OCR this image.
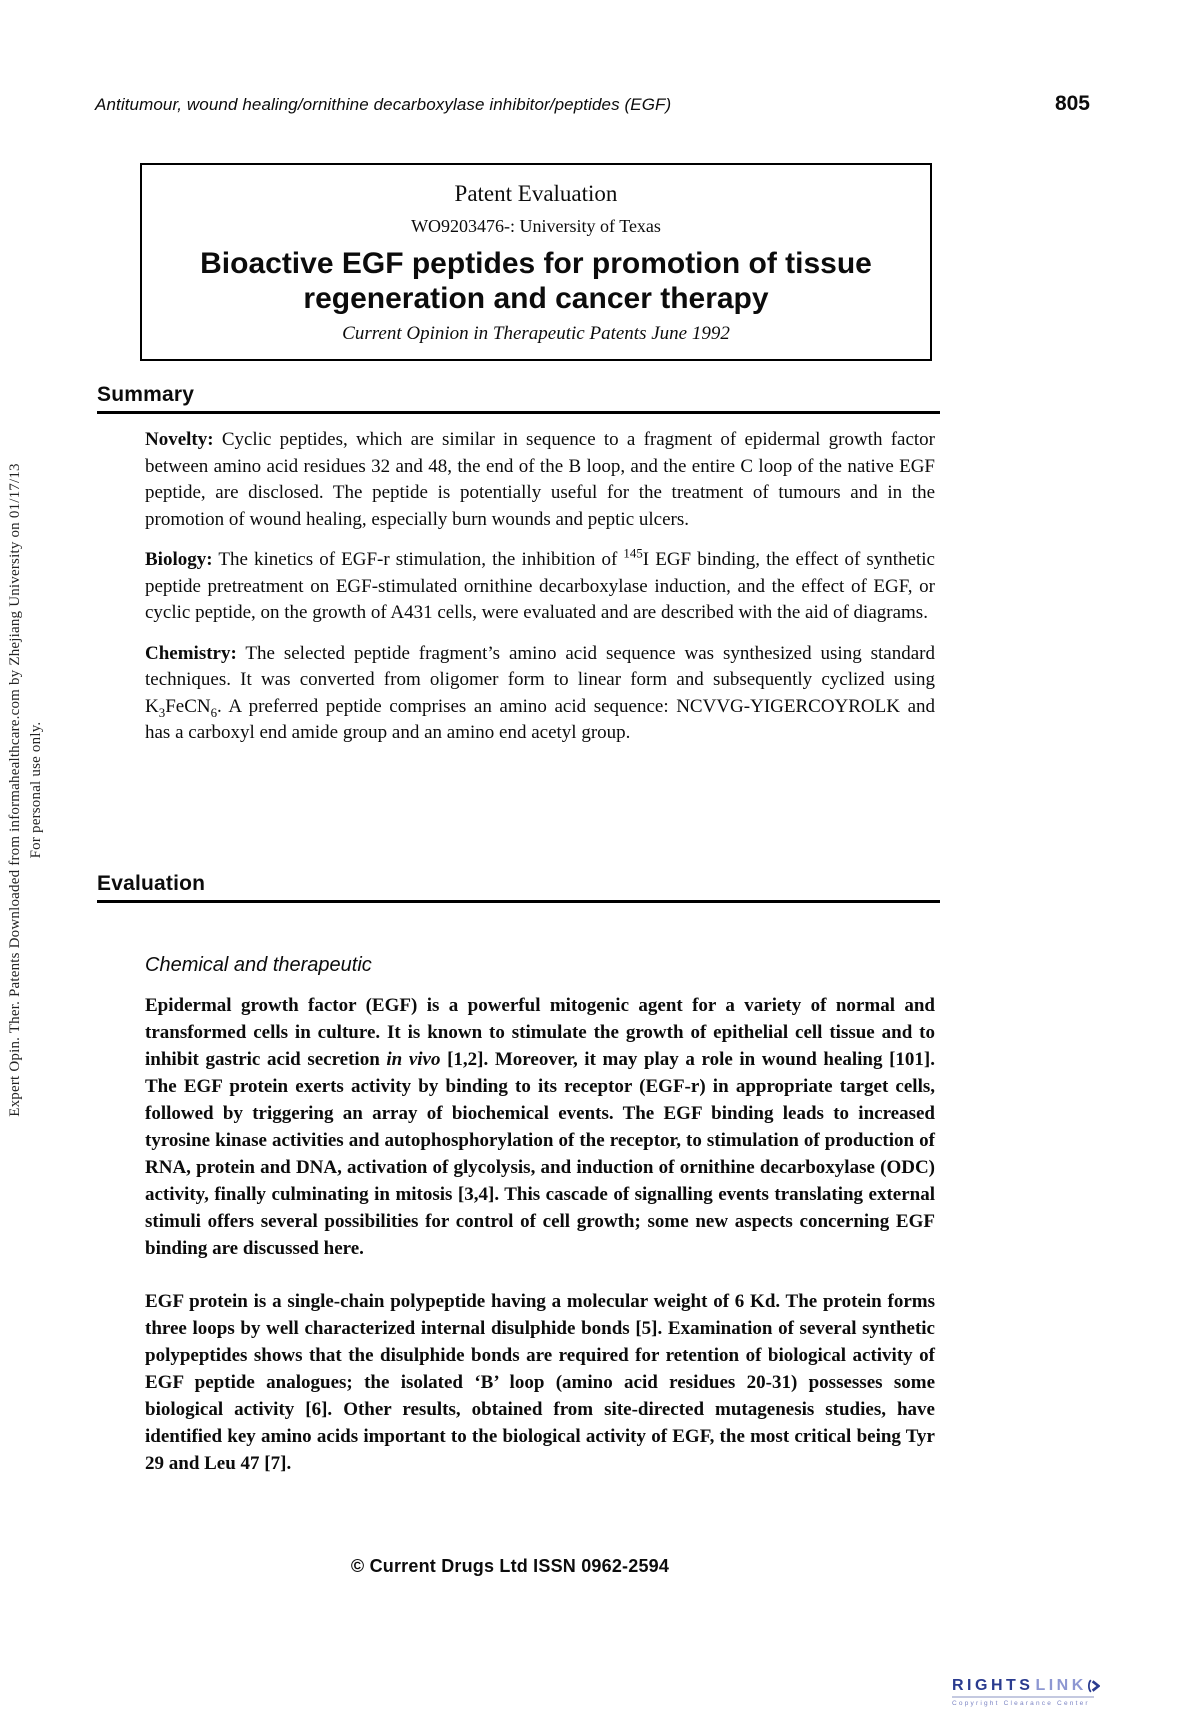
Expert Opin. Ther. Patents Downloaded from informahealthcare.com by Zhejiang University on 01/17/13 For personal use only.
Antitumour, wound healing/ornithine decarboxylase inhibitor/peptides (EGF)	805
Patent Evaluation
WO9203476-: University of Texas
Bioactive EGF peptides for promotion of tissue regeneration and cancer therapy
Current Opinion in Therapeutic Patents June 1992
Summary

Novelty: Cyclic peptides, which are similar in sequence to a fragment of epidermal growth factor between amino acid residues 32 and 48, the end of the B loop, and the entire C loop of the native EGF peptide, are disclosed. The peptide is potentially useful for the treatment of tumours and in the promotion of wound healing, especially burn wounds and peptic ulcers.

Biology: The kinetics of EGF-r stimulation, the inhibition of $^{145}$I EGF binding, the effect of synthetic peptide pretreatment on EGF-stimulated ornithine decarboxylase induction, and the effect of EGF, or cyclic peptide, on the growth of A431 cells, were evaluated and are described with the aid of diagrams.

Chemistry: The selected peptide fragment’s amino acid sequence was synthesized using standard techniques. It was converted from oligomer form to linear form and subsequently cyclized using $K_3FeCN_6$. A preferred peptide comprises an amino acid sequence: NCVVG-YIGERCOYROLK and has a carboxyl end amide group and an amino end acetyl group.

Evaluation
Chemical and therapeutic

Epidermal growth factor (EGF) is a powerful mitogenic agent for a variety of normal and transformed cells in culture. It is known to stimulate the growth of epithelial cell tissue and to inhibit gastric acid secretion in vivo [1,2]. Moreover, it may play a role in wound healing [101]. The EGF protein exerts activity by binding to its receptor (EGF-r) in appropriate target cells, followed by triggering an array of biochemical events. The EGF binding leads to increased tyrosine kinase activities and autophosphorylation of the receptor, to stimulation of production of RNA, protein and DNA, activation of glycolysis, and induction of ornithine decarboxylase (ODC) activity, finally culminating in mitosis [3,4]. This cascade of signalling events translating external stimuli offers several possibilities for control of cell growth; some new aspects concerning EGF binding are discussed here.

EGF protein is a single-chain polypeptide having a molecular weight of 6 Kd. The protein forms three loops by well characterized internal disulphide bonds [5]. Examination of several synthetic polypeptides shows that the disulphide bonds are required for retention of biological activity of EGF peptide analogues; the isolated ‘B’ loop (amino acid residues 20-31) possesses some biological activity [6]. Other results, obtained from site-directed mutagenesis studies, have identified key amino acids important to the biological activity of EGF, the most critical being Tyr 29 and Leu 47 [7].

© Current Drugs Ltd ISSN 0962-2594
RIGHTS LINK
Copyright Clearance Center
